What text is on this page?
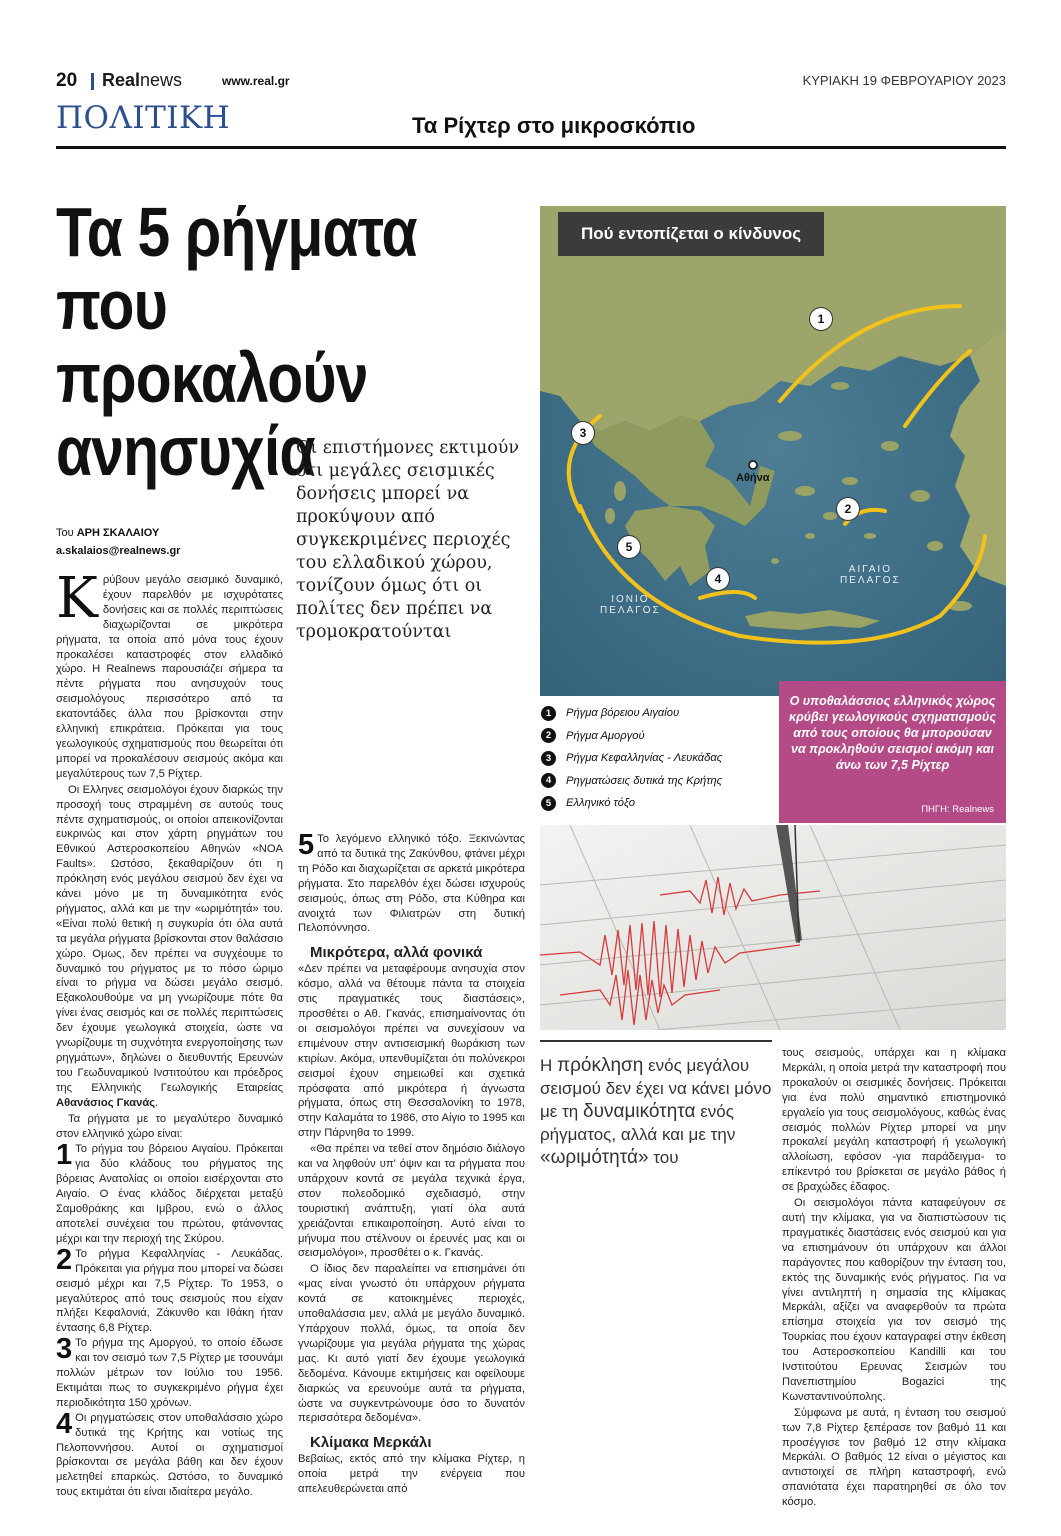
20 Realnews	www.real.gr	ΚΥΡΙΑΚΗ 19 ΦΕΒΡΟΥΑΡΙΟΥ 2023
ΠΟΛΙΤΙΚΗ	Τα Ρίχτερ στο μικροσκόπιο
Τα 5 ρήγματα
που προκαλούν
ανησυχία
Οι επιστήμονες εκτιμούν ότι μεγάλες σεισμικές δονήσεις μπορεί να προκύψουν από συγκεκριμένες περιοχές του ελλαδικού χώρου, τονίζουν όμως ότι οι πολίτες δεν πρέπει να τρομοκρατούνται
Του ΑΡΗ ΣΚΑΛΑΙΟΥ
a.skalaios@realnews.gr

Κρύβουν μεγάλο σεισμικό δυναμικό, έχουν παρελθόν με ισχυρότατες δονήσεις και σε πολλές περιπτώσεις διαχωρίζονται σε μικρότερα ρήγματα, τα οποία από μόνα τους έχουν προκαλέσει καταστροφές στον ελλαδικό χώρο. Η Realnews παρουσιάζει σήμερα τα πέντε ρήγματα που ανησυχούν τους σεισμολόγους περισσότερο από τα εκατοντάδες άλλα που βρίσκονται στην ελληνική επικράτεια. Πρόκειται για τους γεωλογικούς σχηματισμούς που θεωρείται ότι μπορεί να προκαλέσουν σεισμούς ακόμα και μεγαλύτερους των 7,5 Ρίχτερ.

Οι Ελληνες σεισμολόγοι έχουν διαρκώς την προσοχή τους στραμμένη σε αυτούς τους πέντε σχηματισμούς, οι οποίοι απεικονίζονται ευκρινώς και στον χάρτη ρηγμάτων του Εθνικού Αστεροσκοπείου Αθηνών «NOA Faults». Ωστόσο, ξεκαθαρίζουν ότι η πρόκληση ενός μεγάλου σεισμού δεν έχει να κάνει μόνο με τη δυναμικότητα ενός ρήγματος, αλλά και με την «ωριμότητά» του. «Είναι πολύ θετική η συγκυρία ότι όλα αυτά τα μεγάλα ρήγματα βρίσκονται στον θαλάσσιο χώρο. Ομως, δεν πρέπει να συγχέουμε το δυναμικό του ρήγματος με το πόσο ώριμο είναι το ρήγμα να δώσει μεγάλο σεισμό. Εξακολουθούμε να μη γνωρίζουμε πότε θα γίνει ένας σεισμός και σε πολλές περιπτώσεις δεν έχουμε γεωλογικά στοιχεία, ώστε να γνωρίζουμε τη συχνότητα ενεργοποίησης των ρηγμάτων», δηλώνει ο διευθυντής Ερευνών του Γεωδυναμικού Ινστιτούτου και πρόεδρος της Ελληνικής Γεωλογικής Εταιρείας Αθανάσιος Γκανάς.

Τα ρήγματα με το μεγαλύτερο δυναμικό στον ελληνικό χώρο είναι:

1 Το ρήγμα του βόρειου Αιγαίου. Πρόκειται για δύο κλάδους του ρήγματος της βόρειας Ανατολίας οι οποίοι εισέρχονται στο Αιγαίο. Ο ένας κλάδος διέρχεται μεταξύ Σαμοθράκης και Ιμβρου, ενώ ο άλλος αποτελεί συνέχεια του πρώτου, φτάνοντας μέχρι και την περιοχή της Σκύρου.
2 Το ρήγμα Κεφαλληνίας - Λευκάδας. Πρόκειται για ρήγμα που μπορεί να δώσει σεισμό μέχρι και 7,5 Ρίχτερ. Το 1953, ο μεγαλύτερος από τους σεισμούς που είχαν πλήξει Κεφαλονιά, Ζάκυνθο και Ιθάκη ήταν έντασης 6,8 Ρίχτερ.
3 Το ρήγμα της Αμοργού, το οποίο έδωσε και τον σεισμό των 7,5 Ρίχτερ με τσουνάμι πολλών μέτρων τον Ιούλιο του 1956. Εκτιμάται πως το συγκεκριμένο ρήγμα έχει περιοδικότητα 150 χρόνων.
4 Οι ρηγματώσεις στον υποθαλάσσιο χώρο δυτικά της Κρήτης και νοτίως της Πελοποννήσου. Αυτοί οι σχηματισμοί βρίσκονται σε μεγάλα βάθη και δεν έχουν μελετηθεί επαρκώς. Ωστόσο, το δυναμικό τους εκτιμάται ότι είναι ιδιαίτερα μεγάλο.
5 Το λεγόμενο ελληνικό τόξο. Ξεκινώντας από τα δυτικά της Ζακύνθου, φτάνει μέχρι τη Ρόδο και διαχωρίζεται σε αρκετά μικρότερα ρήγματα. Στο παρελθόν έχει δώσει ισχυρούς σεισμούς, όπως στη Ρόδο, στα Κύθηρα και ανοιχτά των Φιλιατρών στη δυτική Πελοπόννησο.

Μικρότερα, αλλά φονικά

«Δεν πρέπει να μεταφέρουμε ανησυχία στον κόσμο, αλλά να θέτουμε πάντα τα στοιχεία στις πραγματικές τους διαστάσεις», προσθέτει ο Αθ. Γκανάς, επισημαίνοντας ότι οι σεισμολόγοι πρέπει να συνεχίσουν να επιμένουν στην αντισεισμική θωράκιση των κτιρίων. Ακόμα, υπενθυμίζεται ότι πολύνεκροι σεισμοί έχουν σημειωθεί και σχετικά πρόσφατα από μικρότερα ή άγνωστα ρήγματα, όπως στη Θεσσαλονίκη το 1978, στην Καλαμάτα το 1986, στο Αίγιο το 1995 και στην Πάρνηθα το 1999.

«Θα πρέπει να τεθεί στον δημόσιο διάλογο και να ληφθούν υπ' όψιν και τα ρήγματα που υπάρχουν κοντά σε μεγάλα τεχνικά έργα, στον πολεοδομικό σχεδιασμό, στην τουριστική ανάπτυξη, γιατί όλα αυτά χρειάζονται επικαιροποίηση. Αυτό είναι το μήνυμα που στέλνουν οι έρευνές μας και οι σεισμολόγοι», προσθέτει ο κ. Γκανάς.

Ο ίδιος δεν παραλείπει να επισημάνει ότι «μας είναι γνωστό ότι υπάρχουν ρήγματα κοντά σε κατοικημένες περιοχές, υποθαλάσσια μεν, αλλά με μεγάλο δυναμικό. Υπάρχουν πολλά, όμως, τα οποία δεν γνωρίζουμε για μεγάλα ρήγματα της χώρας μας. Κι αυτό γιατί δεν έχουμε γεωλογικά δεδομένα. Κάνουμε εκτιμήσεις και οφείλουμε διαρκώς να ερευνούμε αυτά τα ρήγματα, ώστε να συγκεντρώνουμε όσο το δυνατόν περισσότερα δεδομένα».

Κλίμακα Μερκάλι

Βεβαίως, εκτός από την κλίμακα Ρίχτερ, η οποία μετρά την ενέργεια που απελευθερώνεται από

Πού εντοπίζεται ο κίνδυνος
1
2
3
4
5
Αθήνα
ΑΙΓΑΙΟ
ΠΕΛΑΓΟΣ
ΙΟΝΙΟ
ΠΕΛΑΓΟΣ
1	Ρήγμα βόρειου Αιγαίου
2	Ρήγμα Αμοργού
3	Ρήγμα Κεφαλληνίας - Λευκάδας
4	Ρηγματώσεις δυτικά της Κρήτης
5	Ελληνικό τόξο
Ο υποθαλάσσιος ελληνικός χώρος κρύβει γεωλογικούς σχηματισμούς από τους οποίους θα μπορούσαν να προκληθούν σεισμοί ακόμη και άνω των 7,5 Ρίχτερ
ΠΗΓΗ: Realnews
Η πρόκληση ενός μεγάλου σεισμού δεν έχει να κάνει μόνο με τη δυναμικότητα ενός ρήγματος, αλλά και με την «ωριμότητά» του

τους σεισμούς, υπάρχει και η κλίμακα Μερκάλι, η οποία μετρά την καταστροφή που προκαλούν οι σεισμικές δονήσεις. Πρόκειται για ένα πολύ σημαντικό επιστημονικό εργαλείο για τους σεισμολόγους, καθώς ένας σεισμός πολλών Ρίχτερ μπορεί να μην προκαλεί μεγάλη καταστροφή ή γεωλογική αλλοίωση, εφόσον -για παράδειγμα- το επίκεντρό του βρίσκεται σε μεγάλο βάθος ή σε βραχώδες έδαφος.

Οι σεισμολόγοι πάντα καταφεύγουν σε αυτή την κλίμακα, για να διαπιστώσουν τις πραγματικές διαστάσεις ενός σεισμού και για να επισημάνουν ότι υπάρχουν και άλλοι παράγοντες που καθορίζουν την ένταση του, εκτός της δυναμικής ενός ρήγματος. Για να γίνει αντιληπτή η σημασία της κλίμακας Μερκάλι, αξίζει να αναφερθούν τα πρώτα επίσημα στοιχεία για τον σεισμό της Τουρκίας που έχουν καταγραφεί στην έκθεση του Αστεροσκοπείου Kandilli και του Ινστιτούτου Ερευνας Σεισμών του Πανεπιστημίου Bogazici της Κωνσταντινούπολης.

Σύμφωνα με αυτά, η ένταση του σεισμού των 7,8 Ρίχτερ ξεπέρασε τον βαθμό 11 και προσέγγισε τον βαθμό 12 στην κλίμακα Μερκάλι. Ο βαθμός 12 είναι ο μέγιστος και αντιστοιχεί σε πλήρη καταστροφή, ενώ σπανιότατα έχει παρατηρηθεί σε όλο τον κόσμο.
